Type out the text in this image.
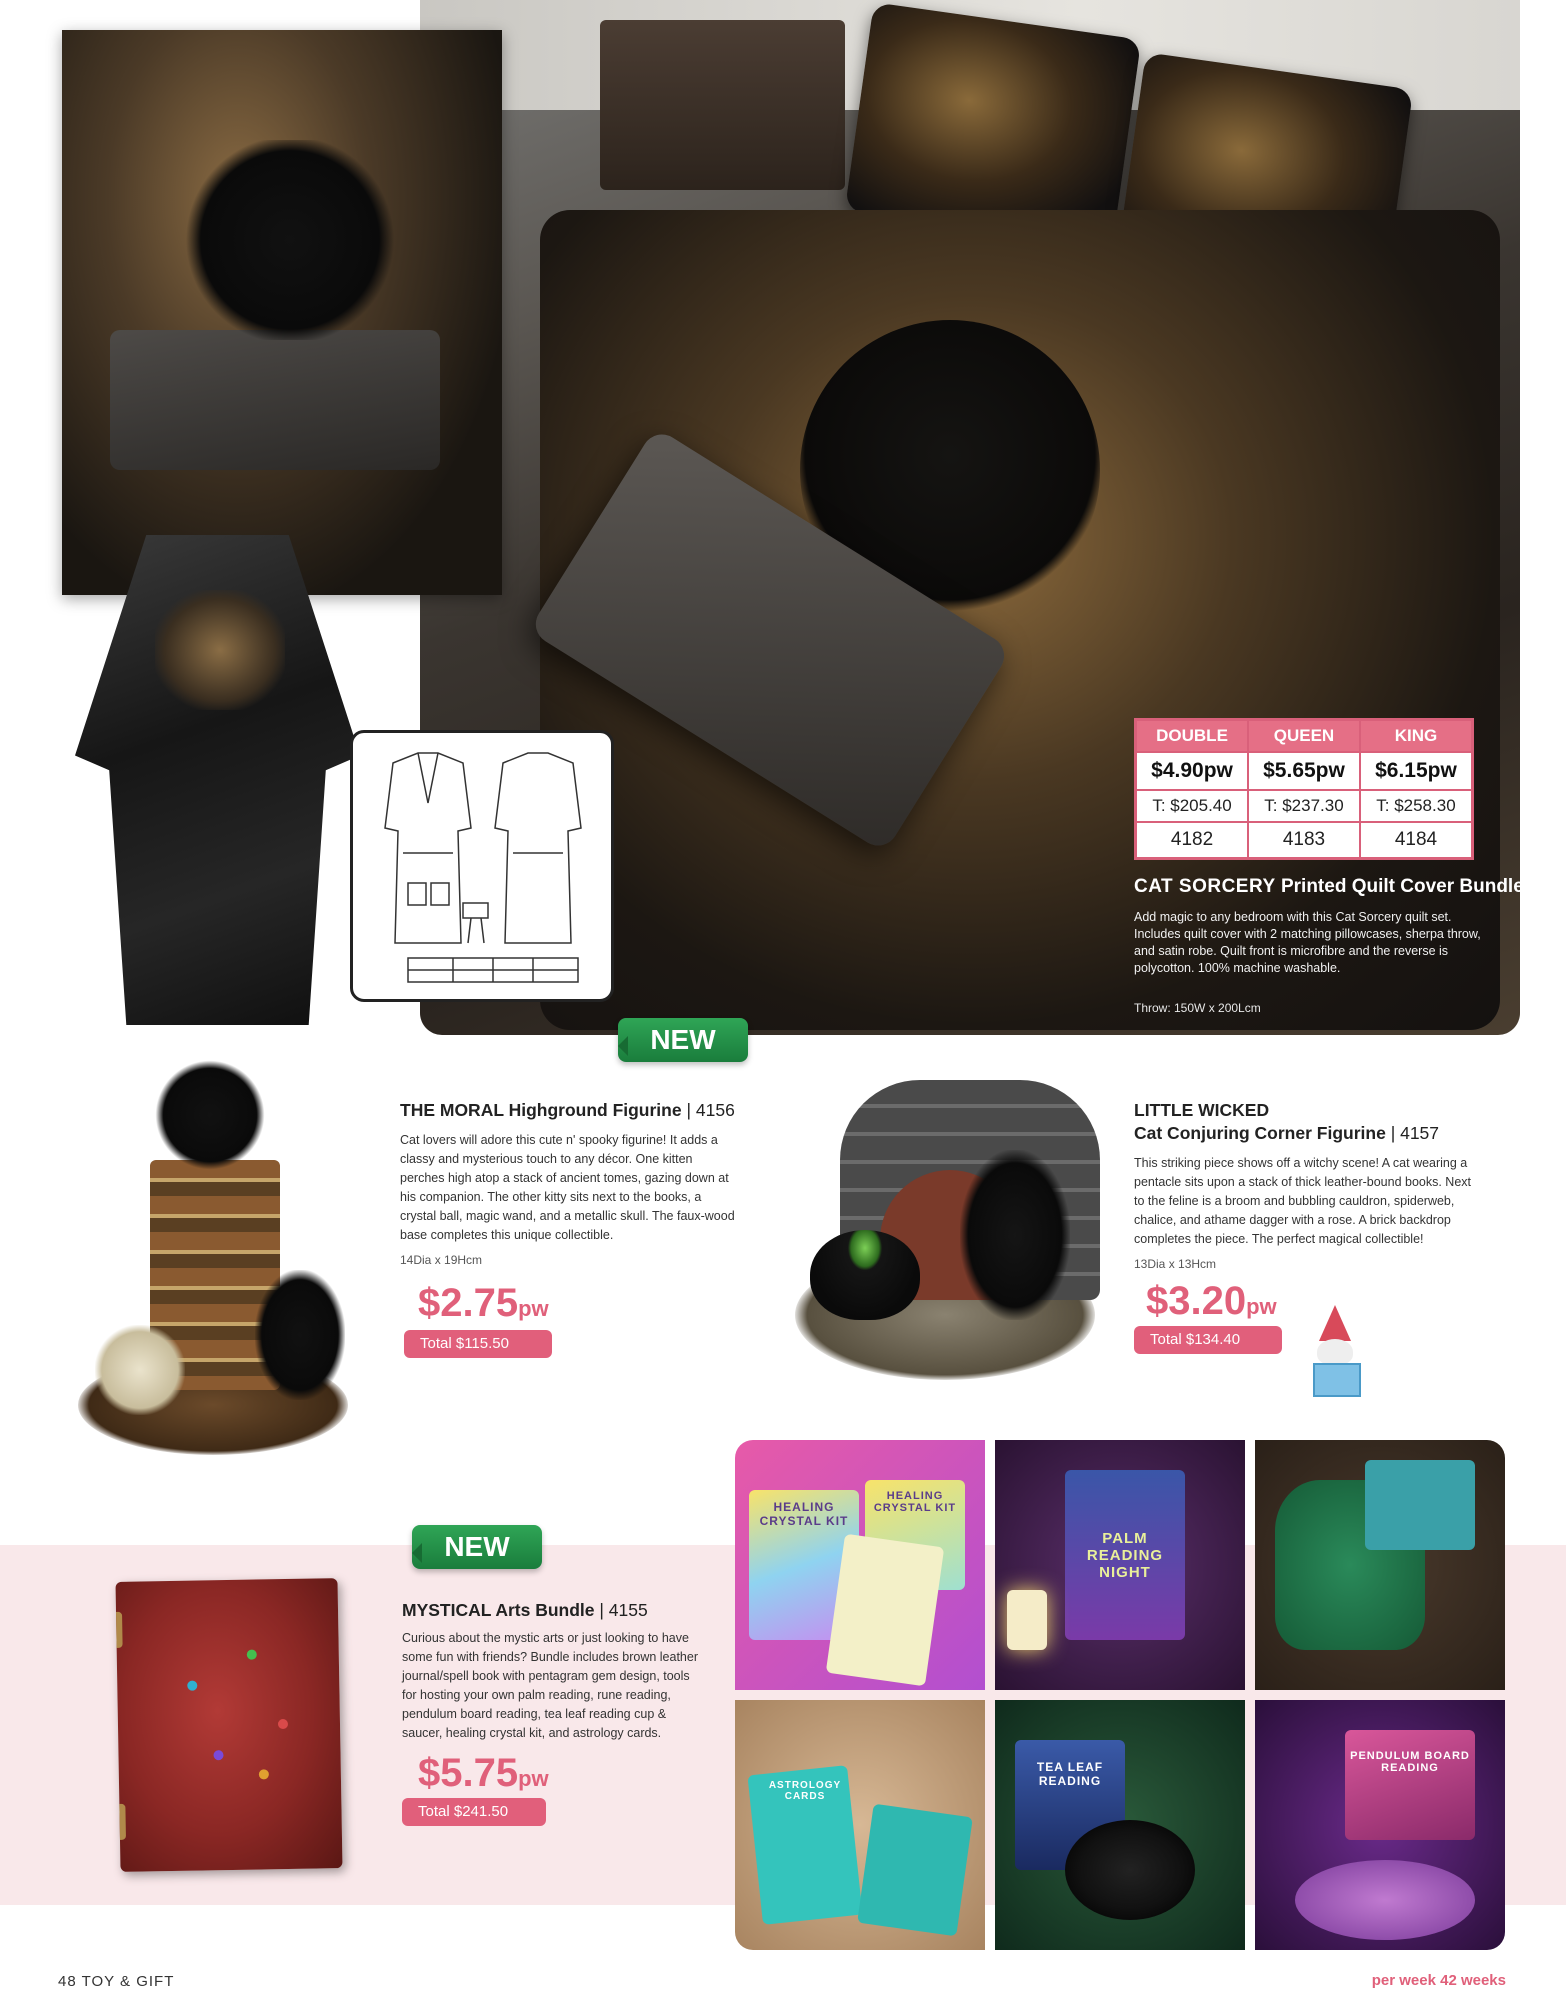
DOUBLE	QUEEN	KING
$4.90pw	$5.65pw	$6.15pw
T: $205.40	T: $237.30	T: $258.30
4182	4183	4184
CAT SORCERY Printed Quilt Cover Bundle
Add magic to any bedroom with this Cat Sorcery quilt set. Includes quilt cover with 2 matching pillowcases, sherpa throw, and satin robe. Quilt front is microfibre and the reverse is polycotton. 100% machine washable.
Throw: 150W x 200Lcm
NEW
THE MORAL Highground Figurine | 4156
Cat lovers will adore this cute n' spooky figurine! It adds a classy and mysterious touch to any décor. One kitten perches high atop a stack of ancient tomes, gazing down at his companion. The other kitty sits next to the books, a crystal ball, magic wand, and a metallic skull. The faux-wood base completes this unique collectible.
14Dia x 19Hcm
$2.75pw
Total $115.50
LITTLE WICKED
Cat Conjuring Corner Figurine | 4157
This striking piece shows off a witchy scene! A cat wearing a pentacle sits upon a stack of thick leather-bound books. Next to the feline is a broom and bubbling cauldron, spiderweb, chalice, and athame dagger with a rose. A brick backdrop completes the piece. The perfect magical collectible!
13Dia x 13Hcm
$3.20pw
Total $134.40
NEW
MYSTICAL Arts Bundle | 4155
Curious about the mystic arts or just looking to have some fun with friends? Bundle includes brown leather journal/spell book with pentagram gem design, tools for hosting your own palm reading, rune reading, pendulum board reading, tea leaf reading cup & saucer, healing crystal kit, and astrology cards.
$5.75pw
Total $241.50
HEALING CRYSTAL KIT
HEALING CRYSTAL KIT
PALM READING NIGHT
ASTROLOGY CARDS
TEA LEAF READING
PENDULUM BOARD READING
48 TOY & GIFT	per week 42 weeks
